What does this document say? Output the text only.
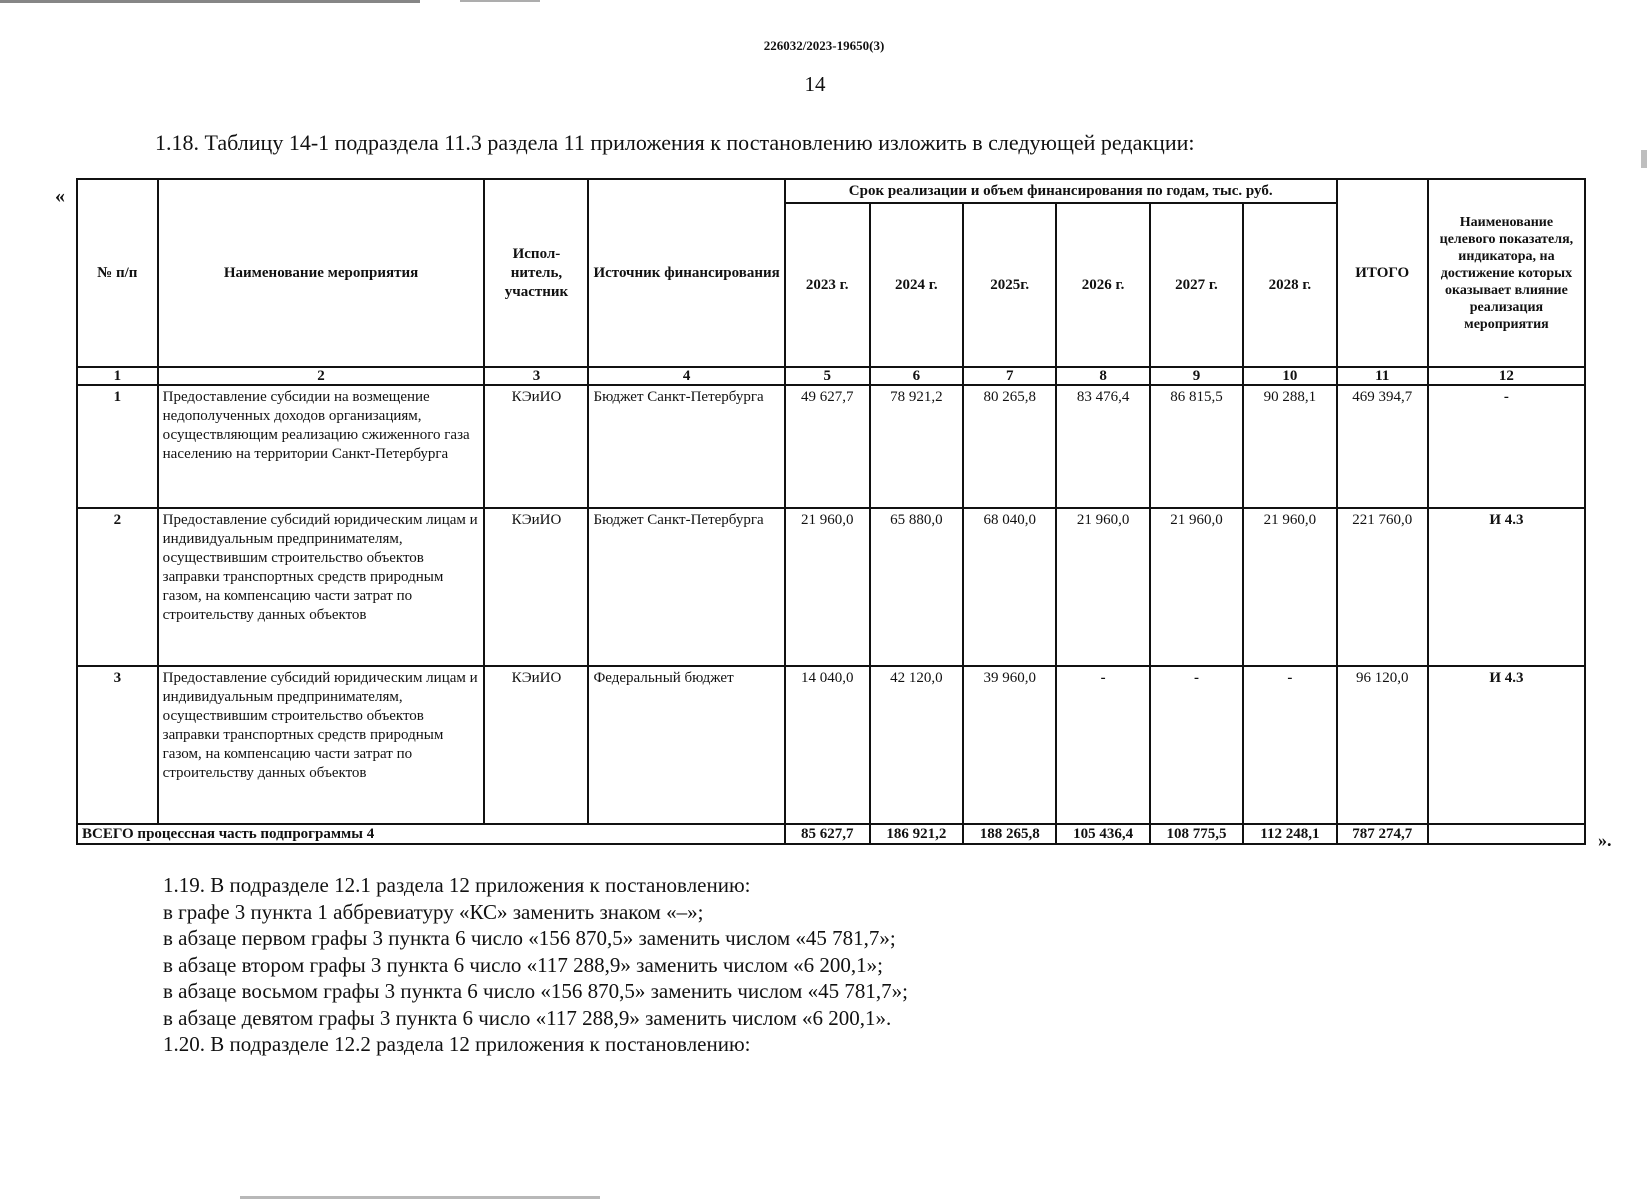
226032/2023-19650(3)
14
1.18. Таблицу 14-1 подраздела 11.3 раздела 11 приложения к постановлению изложить в следующей редакции:
«
».
№ п/п	Наименование мероприятия	Испол-нитель, участник	Источник финансирования	Срок реализации и объем финансирования по годам, тыс. руб.						ИТОГО	Наименование целевого показателя, индикатора, на достижение которых оказывает влияние реализация мероприятия
				2023 г.	2024 г.	2025г.	2026 г.	2027 г.	2028 г.		
1	2	3	4	5	6	7	8	9	10	11	12
1	Предоставление субсидии на возмещение недополученных доходов организациям, осуществляющим реализацию сжиженного газа населению на территории Санкт-Петербурга	КЭиИО	Бюджет Санкт-Петербурга	49 627,7	78 921,2	80 265,8	83 476,4	86 815,5	90 288,1	469 394,7	-
2	Предоставление субсидий юридическим лицам и индивидуальным предпринимателям, осуществившим строительство объектов заправки транспортных средств природным газом, на компенсацию части затрат по строительству данных объектов	КЭиИО	Бюджет Санкт-Петербурга	21 960,0	65 880,0	68 040,0	21 960,0	21 960,0	21 960,0	221 760,0	И 4.3
3	Предоставление субсидий юридическим лицам и индивидуальным предпринимателям, осуществившим строительство объектов заправки транспортных средств природным газом, на компенсацию части затрат по строительству данных объектов	КЭиИО	Федеральный бюджет	14 040,0	42 120,0	39 960,0	-	-	-	96 120,0	И 4.3
ВСЕГО процессная часть подпрограммы 4				85 627,7	186 921,2	188 265,8	105 436,4	108 775,5	112 248,1	787 274,7	
1.19. В подразделе 12.1 раздела 12 приложения к постановлению:
в графе 3 пункта 1 аббревиатуру «КС» заменить знаком «–»;
в абзаце первом графы 3 пункта 6 число «156 870,5» заменить числом «45 781,7»;
в абзаце втором графы 3 пункта 6 число «117 288,9» заменить числом «6 200,1»;
в абзаце восьмом графы 3 пункта 6 число «156 870,5» заменить числом «45 781,7»;
в абзаце девятом графы 3 пункта 6 число «117 288,9» заменить числом «6 200,1».
1.20. В подразделе 12.2 раздела 12 приложения к постановлению:
